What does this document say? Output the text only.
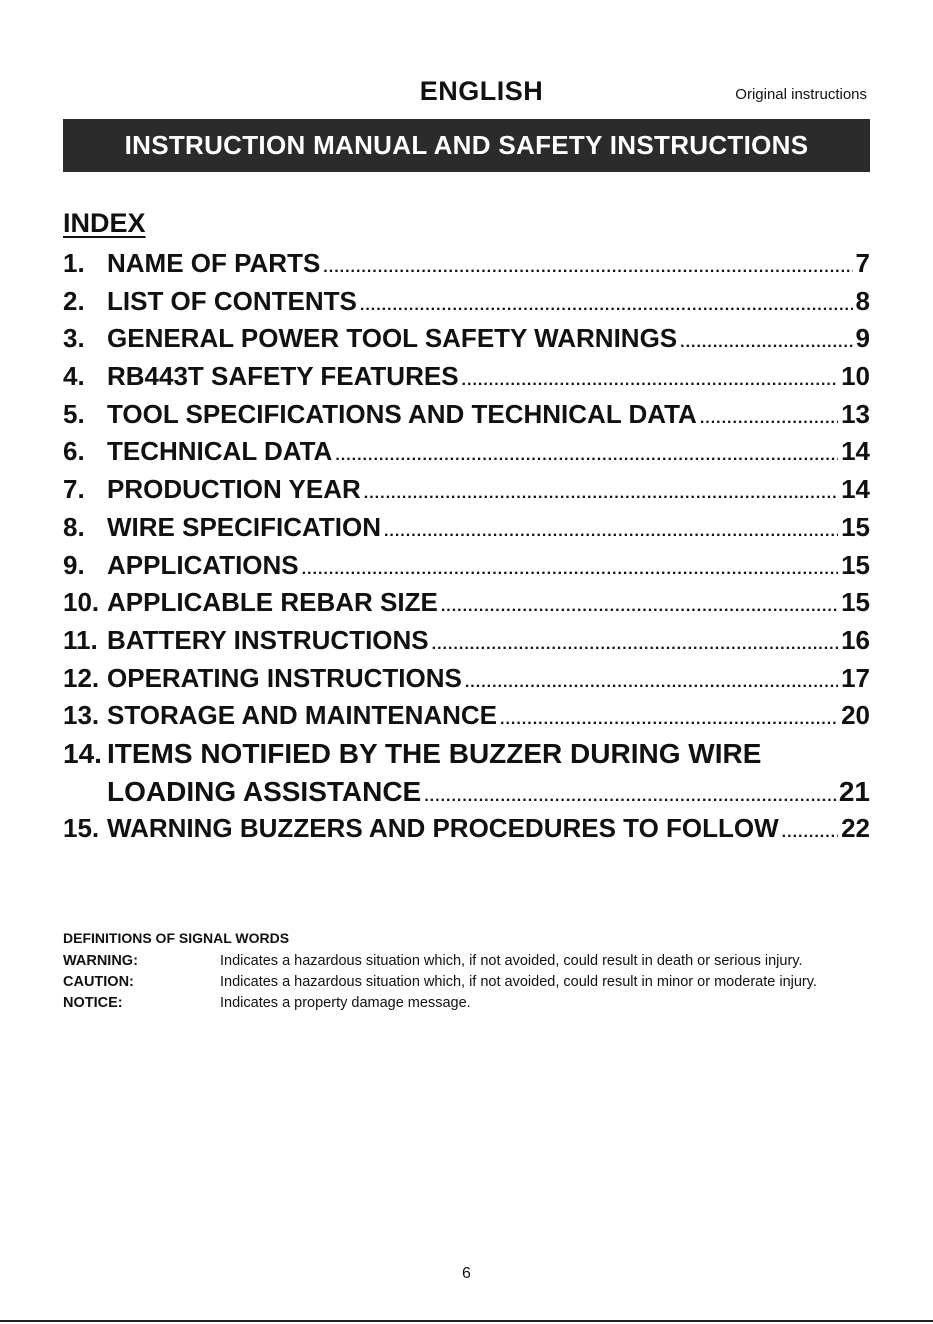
ENGLISH	Original instructions
INSTRUCTION MANUAL AND SAFETY INSTRUCTIONS
INDEX
1. NAME OF PARTS .....	7
2. LIST OF CONTENTS .....	8
3. GENERAL POWER TOOL SAFETY WARNINGS .....	9
4. RB443T SAFETY FEATURES .....	10
5. TOOL SPECIFICATIONS AND TECHNICAL DATA .....	13
6. TECHNICAL DATA .....	14
7. PRODUCTION YEAR .....	14
8. WIRE SPECIFICATION .....	15
9. APPLICATIONS .....	15
10. APPLICABLE REBAR SIZE .....	15
11. BATTERY INSTRUCTIONS .....	16
12. OPERATING INSTRUCTIONS .....	17
13. STORAGE AND MAINTENANCE .....	20
14. ITEMS NOTIFIED BY THE BUZZER DURING WIRE
LOADING ASSISTANCE .....	21
15. WARNING BUZZERS AND PROCEDURES TO FOLLOW ..... 22
DEFINITIONS OF SIGNAL WORDS
WARNING:	Indicates a hazardous situation which, if not avoided, could result in death or serious injury.
CAUTION:	Indicates a hazardous situation which, if not avoided, could result in minor or moderate injury.
NOTICE:	Indicates a property damage message.
6
